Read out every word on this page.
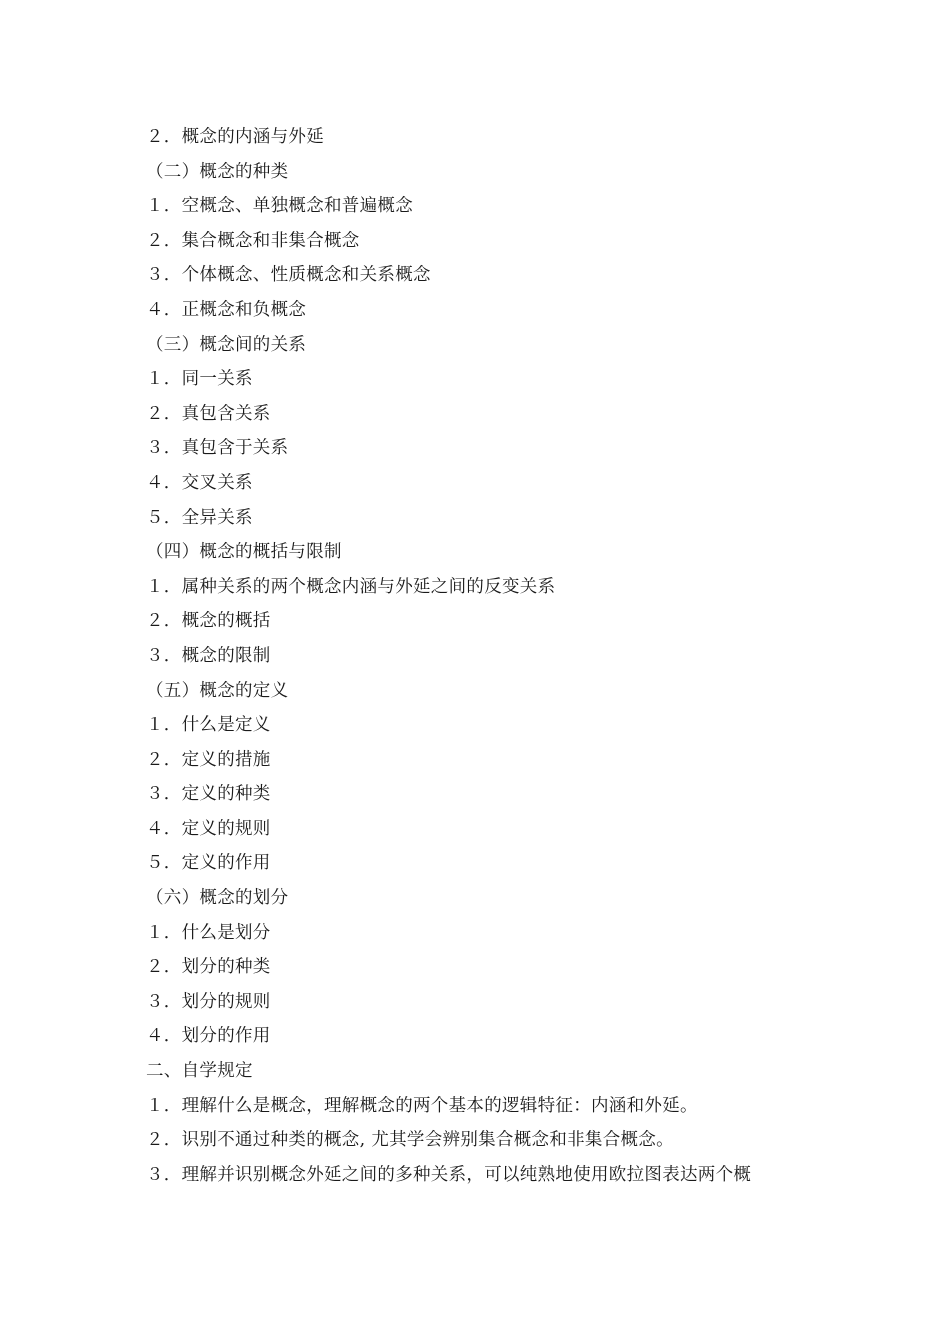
２．概念的内涵与外延
（二）概念的种类
１．空概念、单独概念和普遍概念
２．集合概念和非集合概念
３．个体概念、性质概念和关系概念
４．正概念和负概念
（三）概念间的关系
１．同一关系
２．真包含关系
３．真包含于关系
４．交叉关系
５．全异关系
（四）概念的概括与限制
１．属种关系的两个概念内涵与外延之间的反变关系
２．概念的概括
３．概念的限制
（五）概念的定义
１．什么是定义
２．定义的措施
３．定义的种类
４．定义的规则
５．定义的作用
（六）概念的划分
１．什么是划分
２．划分的种类
３．划分的规则
４．划分的作用
二、自学规定
１．理解什么是概念，理解概念的两个基本的逻辑特征：内涵和外延。
２．识别不通过种类的概念, 尤其学会辨别集合概念和非集合概念。
３．理解并识别概念外延之间的多种关系，可以纯熟地使用欧拉图表达两个概
